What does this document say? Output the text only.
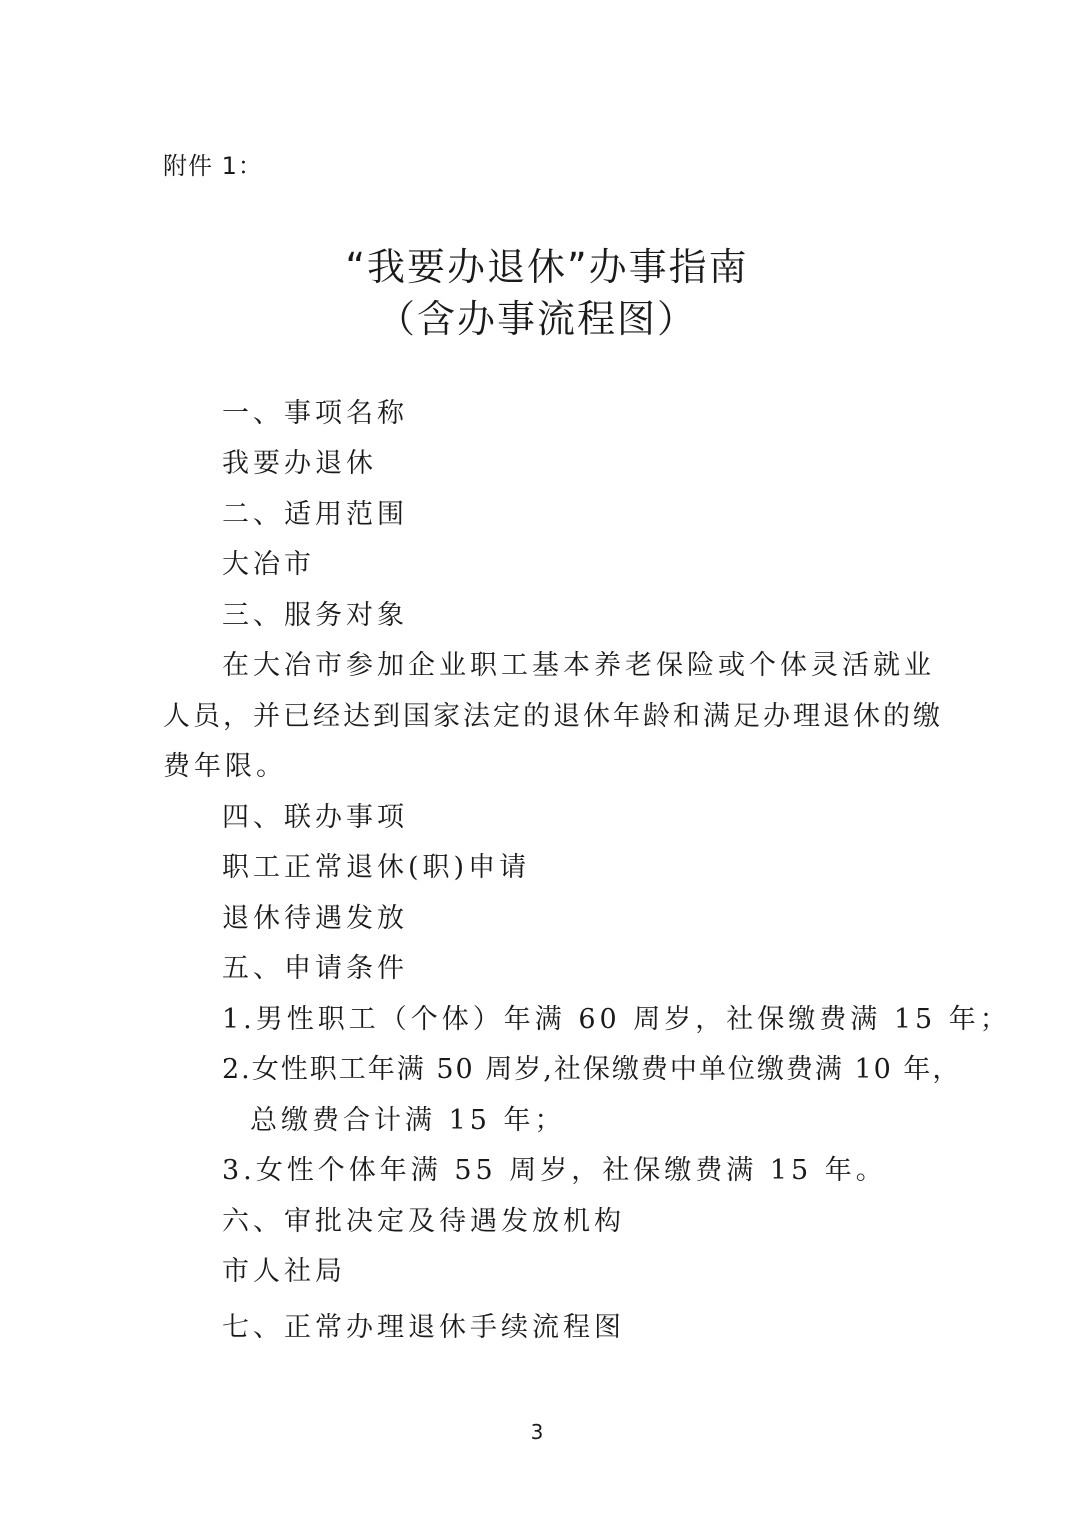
附件 1：
“我要办退休”办事指南
（含办事流程图）
一、事项名称
我要办退休
二、适用范围
大冶市
三、服务对象
在大冶市参加企业职工基本养老保险或个体灵活就业
人员，并已经达到国家法定的退休年龄和满足办理退休的缴
费年限。
四、联办事项
职工正常退休(职)申请
退休待遇发放
五、申请条件
1.男性职工（个体）年满 60 周岁，社保缴费满 15 年；
2.女性职工年满 50 周岁,社保缴费中单位缴费满 10 年，
总缴费合计满 15 年；
3.女性个体年满 55 周岁，社保缴费满 15 年。
六、审批决定及待遇发放机构
市人社局
七、正常办理退休手续流程图
3
